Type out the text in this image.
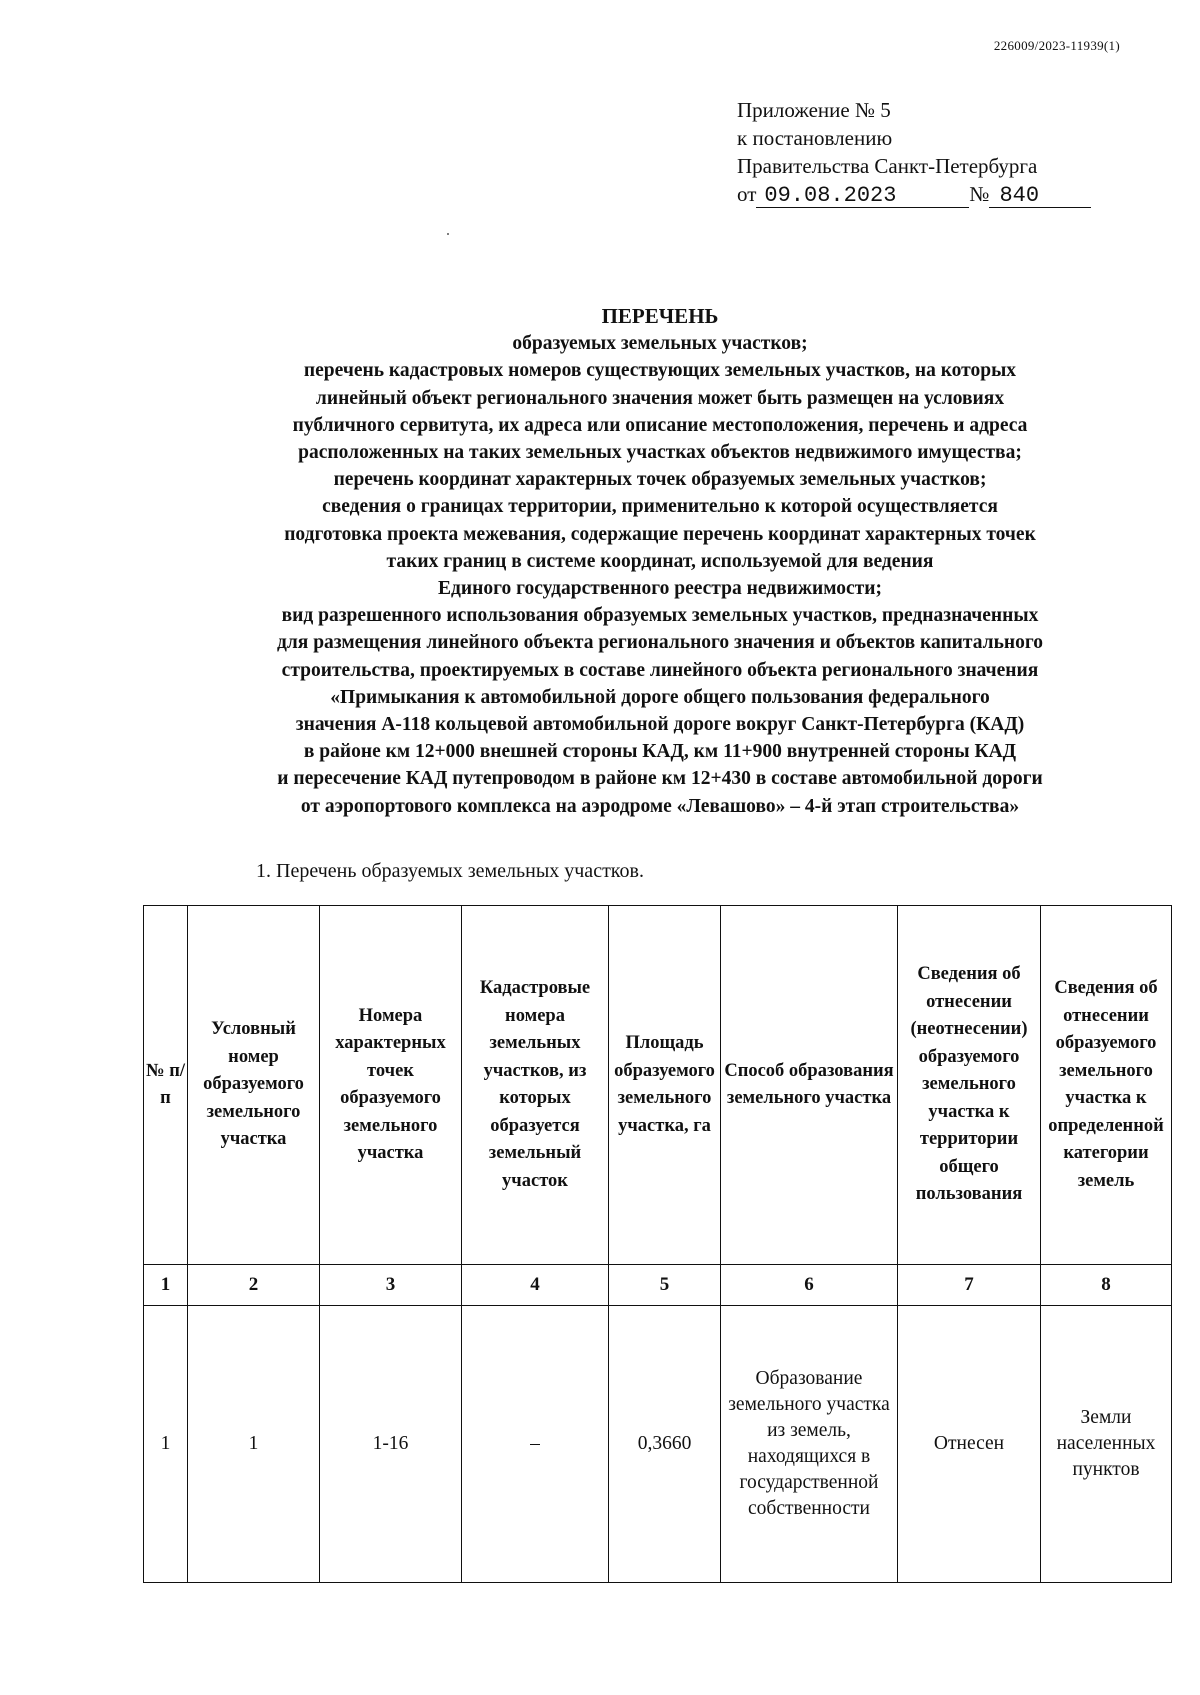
226009/2023-11939(1)
Приложение № 5
к постановлению
Правительства Санкт-Петербурга
от 09.08.2023	№ 840
ПЕРЕЧЕНЬ
образуемых земельных участков;
перечень кадастровых номеров существующих земельных участков, на которых
линейный объект регионального значения может быть размещен на условиях
публичного сервитута, их адреса или описание местоположения, перечень и адреса
расположенных на таких земельных участках объектов недвижимого имущества;
перечень координат характерных точек образуемых земельных участков;
сведения о границах территории, применительно к которой осуществляется
подготовка проекта межевания, содержащие перечень координат характерных точек
таких границ в системе координат, используемой для ведения
Единого государственного реестра недвижимости;
вид разрешенного использования образуемых земельных участков, предназначенных
для размещения линейного объекта регионального значения и объектов капитального
строительства, проектируемых в составе линейного объекта регионального значения
«Примыкания к автомобильной дороге общего пользования федерального
значения А-118 кольцевой автомобильной дороге вокруг Санкт-Петербурга (КАД)
в районе км 12+000 внешней стороны КАД, км 11+900 внутренней стороны КАД
и пересечение КАД путепроводом в районе км 12+430 в составе автомобильной дороги
от аэропортового комплекса на аэродроме «Левашово» – 4-й этап строительства»
1. Перечень образуемых земельных участков.
№ п/п	Условный номер образуемого земельного участка	Номера характерных точек образуемого земельного участка	Кадастровые номера земельных участков, из которых образуется земельный участок	Площадь образуемого земельного участка, га	Способ образования земельного участка	Сведения об отнесении (неотнесении) образуемого земельного участка к территории общего пользования	Сведения об отнесении образуемого земельного участка к определенной категории земель
1	2	3	4	5	6	7	8
1	1	1-16	–	0,3660	Образование земельного участка из земель, находящихся в государственной собственности	Отнесен	Земли населенных пунктов
